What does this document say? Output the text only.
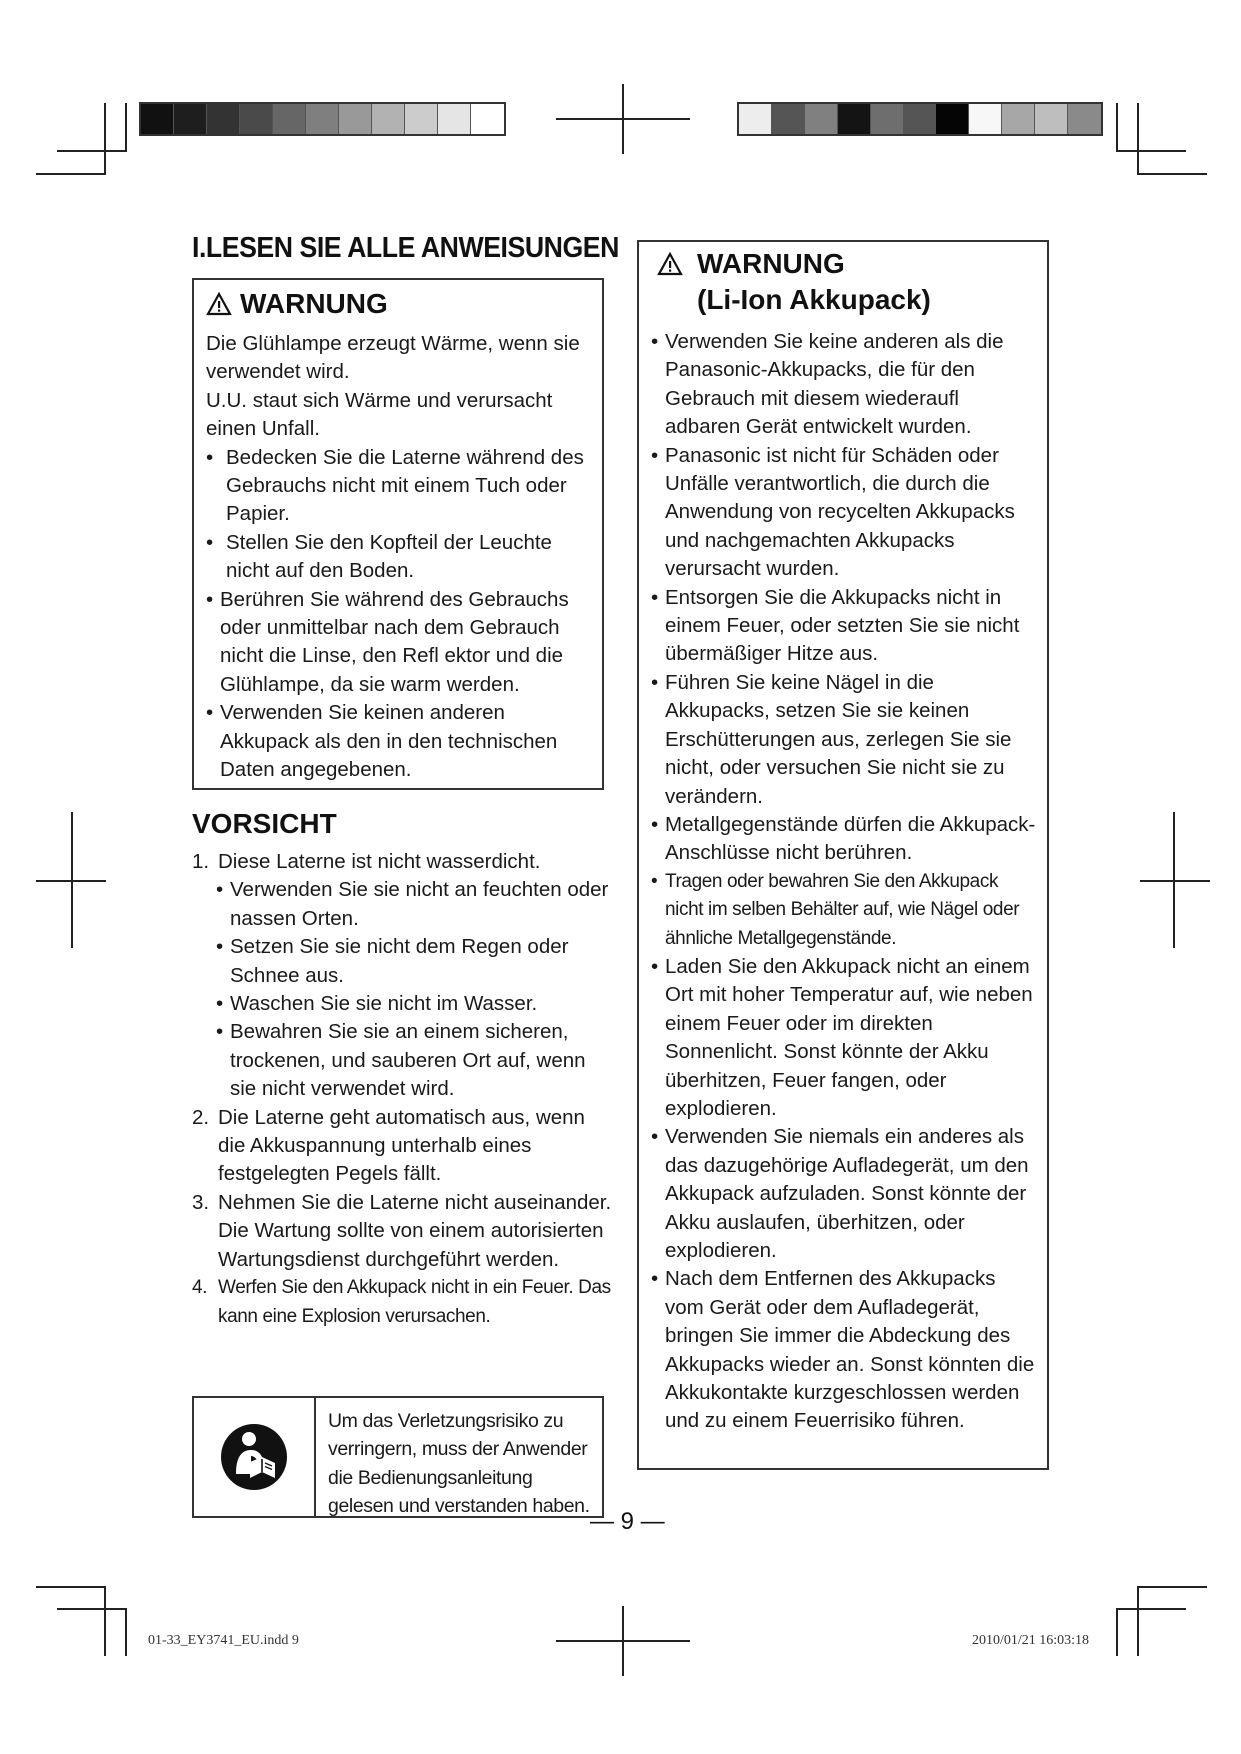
I.LESEN SIE ALLE ANWEISUNGEN
WARNUNG

Die Glühlampe erzeugt Wärme, wenn sie verwendet wird.

U.U. staut sich Wärme und verursacht einen Unfall.

• Bedecken Sie die Laterne während des Gebrauchs nicht mit einem Tuch oder Papier.

• Stellen Sie den Kopfteil der Leuchte nicht auf den Boden.

• Berühren Sie während des Gebrauchs oder unmittelbar nach dem Gebrauch nicht die Linse, den Refl ektor und die Glühlampe, da sie warm werden.

• Verwenden Sie keinen anderen Akkupack als den in den technischen Daten angegebenen.

VORSICHT
1. Diese Laterne ist nicht wasserdicht.
• Verwenden Sie sie nicht an feuchten oder nassen Orten.
• Setzen Sie sie nicht dem Regen oder Schnee aus.
• Waschen Sie sie nicht im Wasser.
• Bewahren Sie sie an einem sicheren, trockenen, und sauberen Ort auf, wenn sie nicht verwendet wird.
2. Die Laterne geht automatisch aus, wenn die Akkuspannung unterhalb eines festgelegten Pegels fällt.
3. Nehmen Sie die Laterne nicht auseinander. Die Wartung sollte von einem autorisierten Wartungsdienst durchgeführt werden.
4. Werfen Sie den Akkupack nicht in ein Feuer. Das kann eine Explosion verursachen.
Um das Verletzungsrisiko zu verringern, muss der Anwender die Bedienungsanleitung gelesen und verstanden haben.
WARNUNG
(Li-Ion Akkupack)

• Verwenden Sie keine anderen als die Panasonic-Akkupacks, die für den Gebrauch mit diesem wiederaufl adbaren Gerät entwickelt wurden.

• Panasonic ist nicht für Schäden oder Unfälle verantwortlich, die durch die Anwendung von recycelten Akkupacks und nachgemachten Akkupacks verursacht wurden.

• Entsorgen Sie die Akkupacks nicht in einem Feuer, oder setzten Sie sie nicht übermäßiger Hitze aus.

• Führen Sie keine Nägel in die Akkupacks, setzen Sie sie keinen Erschütterungen aus, zerlegen Sie sie nicht, oder versuchen Sie nicht sie zu verändern.

• Metallgegenstände dürfen die Akkupack-Anschlüsse nicht berühren.

• Tragen oder bewahren Sie den Akkupack nicht im selben Behälter auf, wie Nägel oder ähnliche Metallgegenstände.

• Laden Sie den Akkupack nicht an einem Ort mit hoher Temperatur auf, wie neben einem Feuer oder im direkten Sonnenlicht. Sonst könnte der Akku überhitzen, Feuer fangen, oder explodieren.

• Verwenden Sie niemals ein anderes als das dazugehörige Aufladegerät, um den Akkupack aufzuladen. Sonst könnte der Akku auslaufen, überhitzen, oder explodieren.

• Nach dem Entfernen des Akkupacks vom Gerät oder dem Aufladegerät, bringen Sie immer die Abdeckung des Akkupacks wieder an. Sonst könnten die Akkukontakte kurzgeschlossen werden und zu einem Feuerrisiko führen.

— 9 —
01-33_EY3741_EU.indd 9	2010/01/21 16:03:18
